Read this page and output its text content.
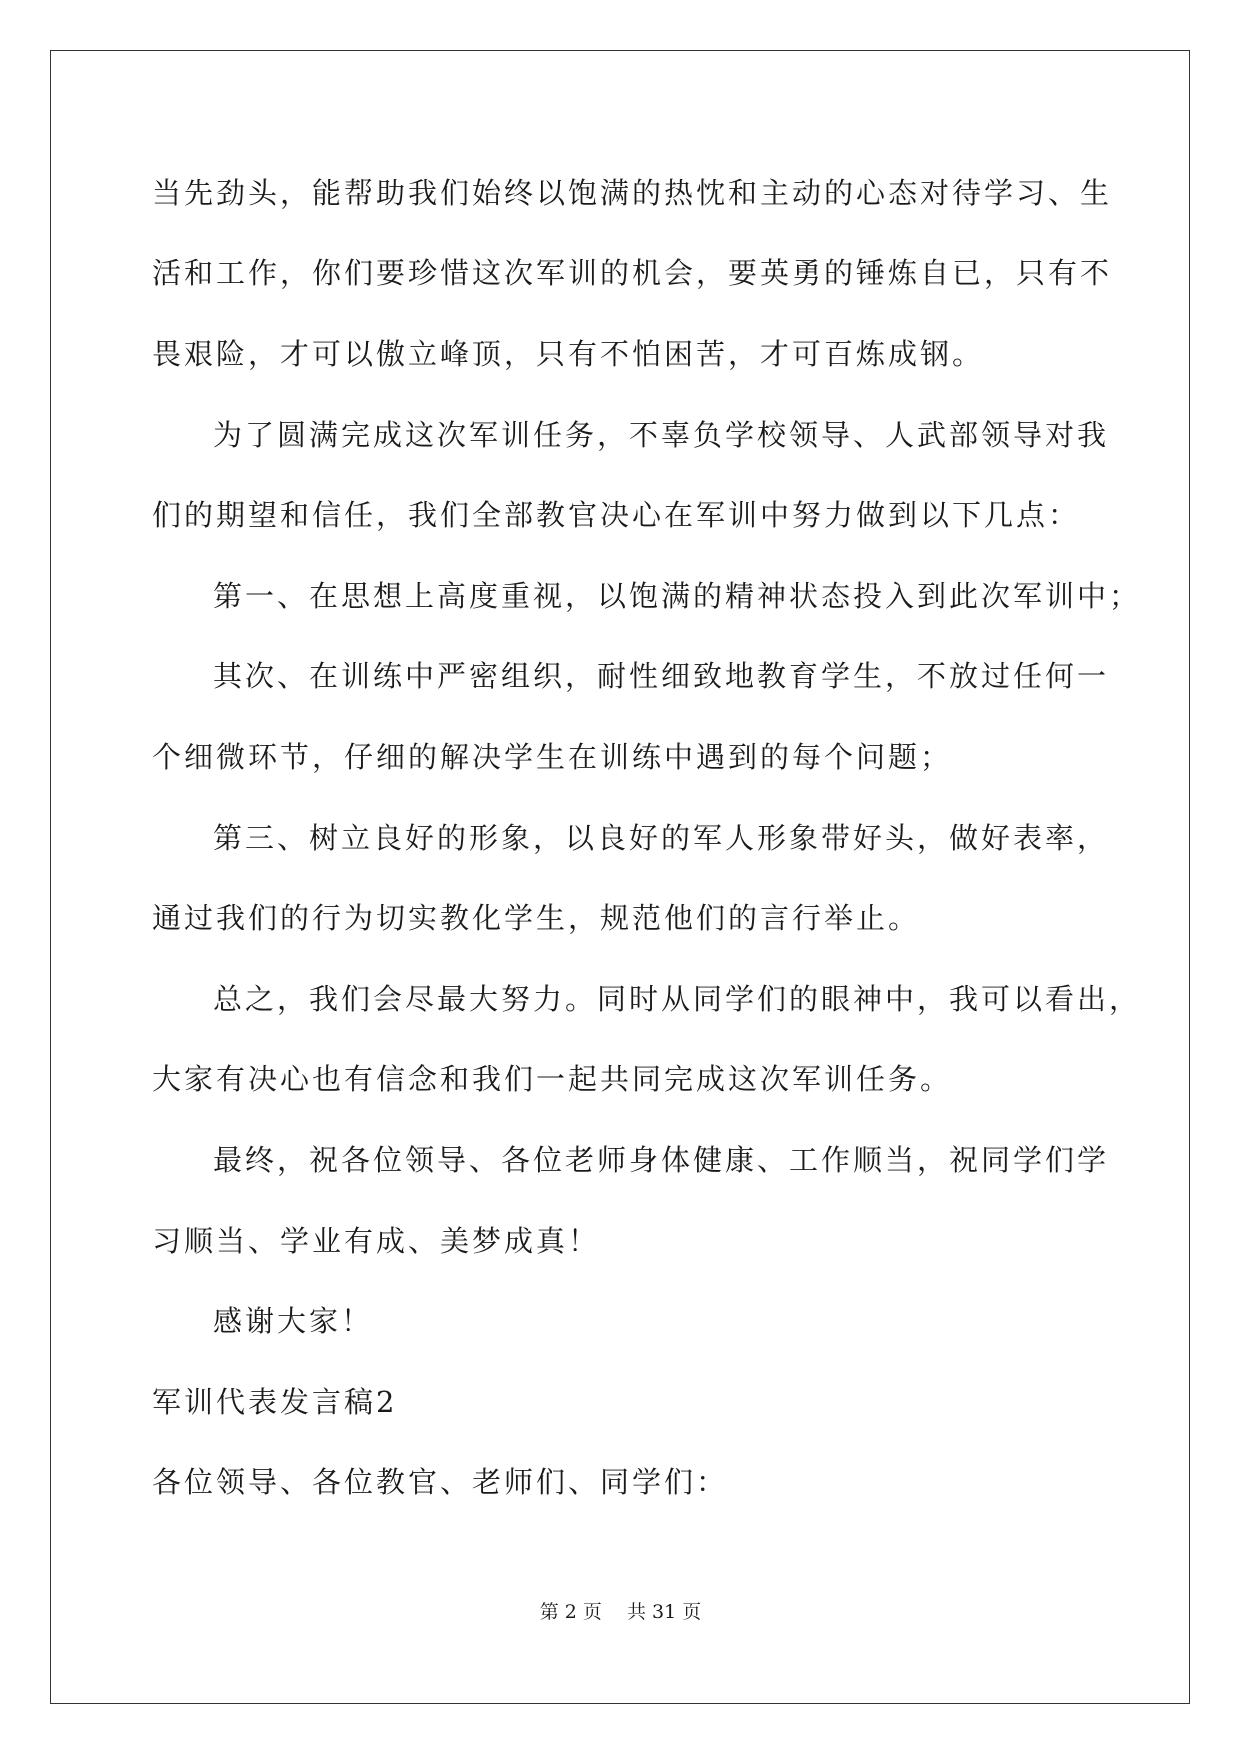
当先劲头，能帮助我们始终以饱满的热忱和主动的心态对待学习、生
活和工作，你们要珍惜这次军训的机会，要英勇的锤炼自已，只有不
畏艰险，才可以傲立峰顶，只有不怕困苦，才可百炼成钢。
为了圆满完成这次军训任务，不辜负学校领导、人武部领导对我
们的期望和信任，我们全部教官决心在军训中努力做到以下几点：
第一、在思想上高度重视，以饱满的精神状态投入到此次军训中；
其次、在训练中严密组织，耐性细致地教育学生，不放过任何一
个细微环节，仔细的解决学生在训练中遇到的每个问题；
第三、树立良好的形象，以良好的军人形象带好头，做好表率，
通过我们的行为切实教化学生，规范他们的言行举止。
总之，我们会尽最大努力。同时从同学们的眼神中，我可以看出，
大家有决心也有信念和我们一起共同完成这次军训任务。
最终，祝各位领导、各位老师身体健康、工作顺当，祝同学们学
习顺当、学业有成、美梦成真！
感谢大家！
军训代表发言稿2
各位领导、各位教官、老师们、同学们：
第 2 页　 共 31 页
